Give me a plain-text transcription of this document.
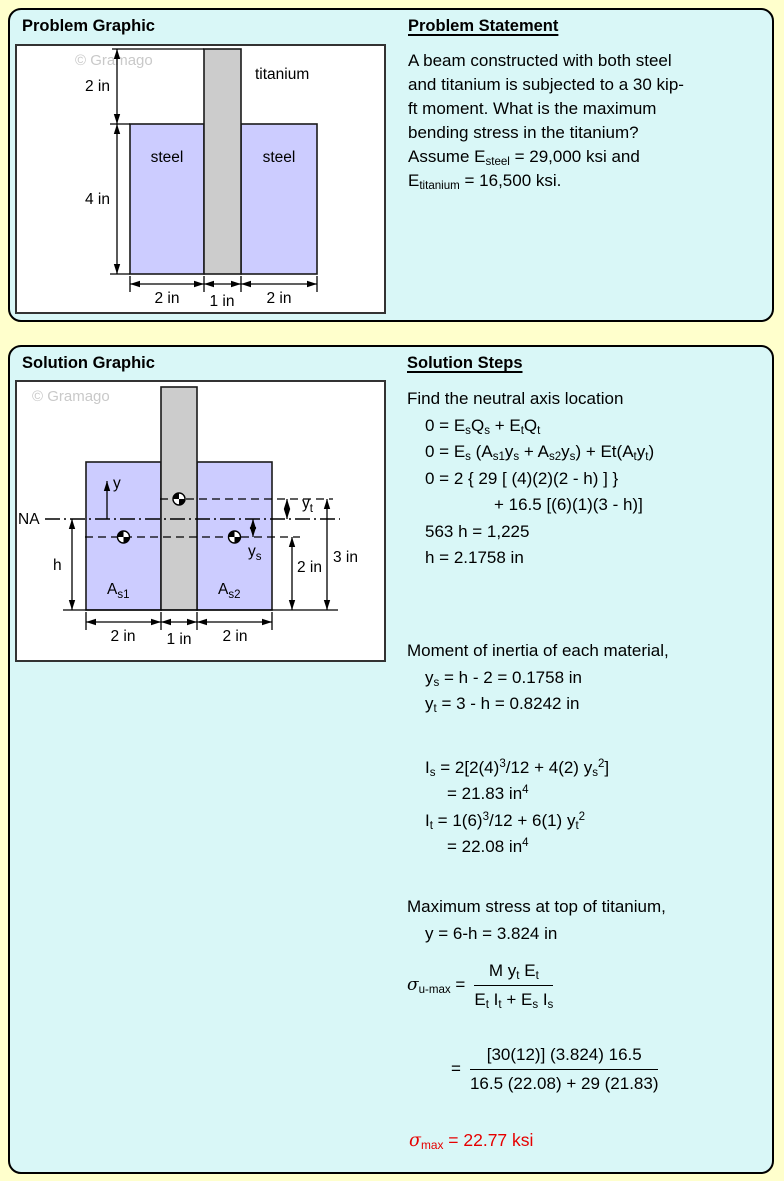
Problem Graphic
© Gramago
titanium
steel	steel
2 in
4 in
2 in 1 in 2 in
Problem Statement

A beam constructed with both steel
and titanium is subjected to a 30 kip-
ft moment. What is the maximum
bending stress in the titanium?
Assume $E_{steel} = 29,000$ ksi and
$E_{titanium} = 16,500$ ksi.

Solution Graphic
© Gramago
y
NA
h
$y_t$
$y_s$
2 in
3 in
$A_{s1}$	$A_{s2}$
2 in 1 in 2 in
Solution Steps
Find the neutral axis location
$0 = E_sQ_s + E_tQ_t$
$0 = E_s$ $(A_{s1}y_s + A_{s2}y_s) + Et(A_ty_t)$
0 = 2 { 29 [ (4)(2)(2 - h) ] }
+ 16.5 [(6)(1)(3 - h)]
563 h = 1,225
h = 2.1758 in
Moment of inertia of each material,
$y_s = h - 2 = 0.1758$ in
$y_t = 3 - h = 0.8242$ in
$I_s = 2[2(4)^3/12 + 4(2)$ $y_s^2$]
= 21.83 $in^4$
$I_t = 1(6)^3/12 + 6(1)$ $y_t^2$
= 22.08 $in^4$
Maximum stress at top of titanium,
y = 6-h = 3.824 in
$\sigma_{u-max} = \frac{M y_t E_t}{E_t I_t + E_s I_s}$
= $\frac{[30(12)] (3.824) 16.5}{16.5 (22.08) + 29 (21.83)}$
$\sigma_{max} = 22.77$ ksi
